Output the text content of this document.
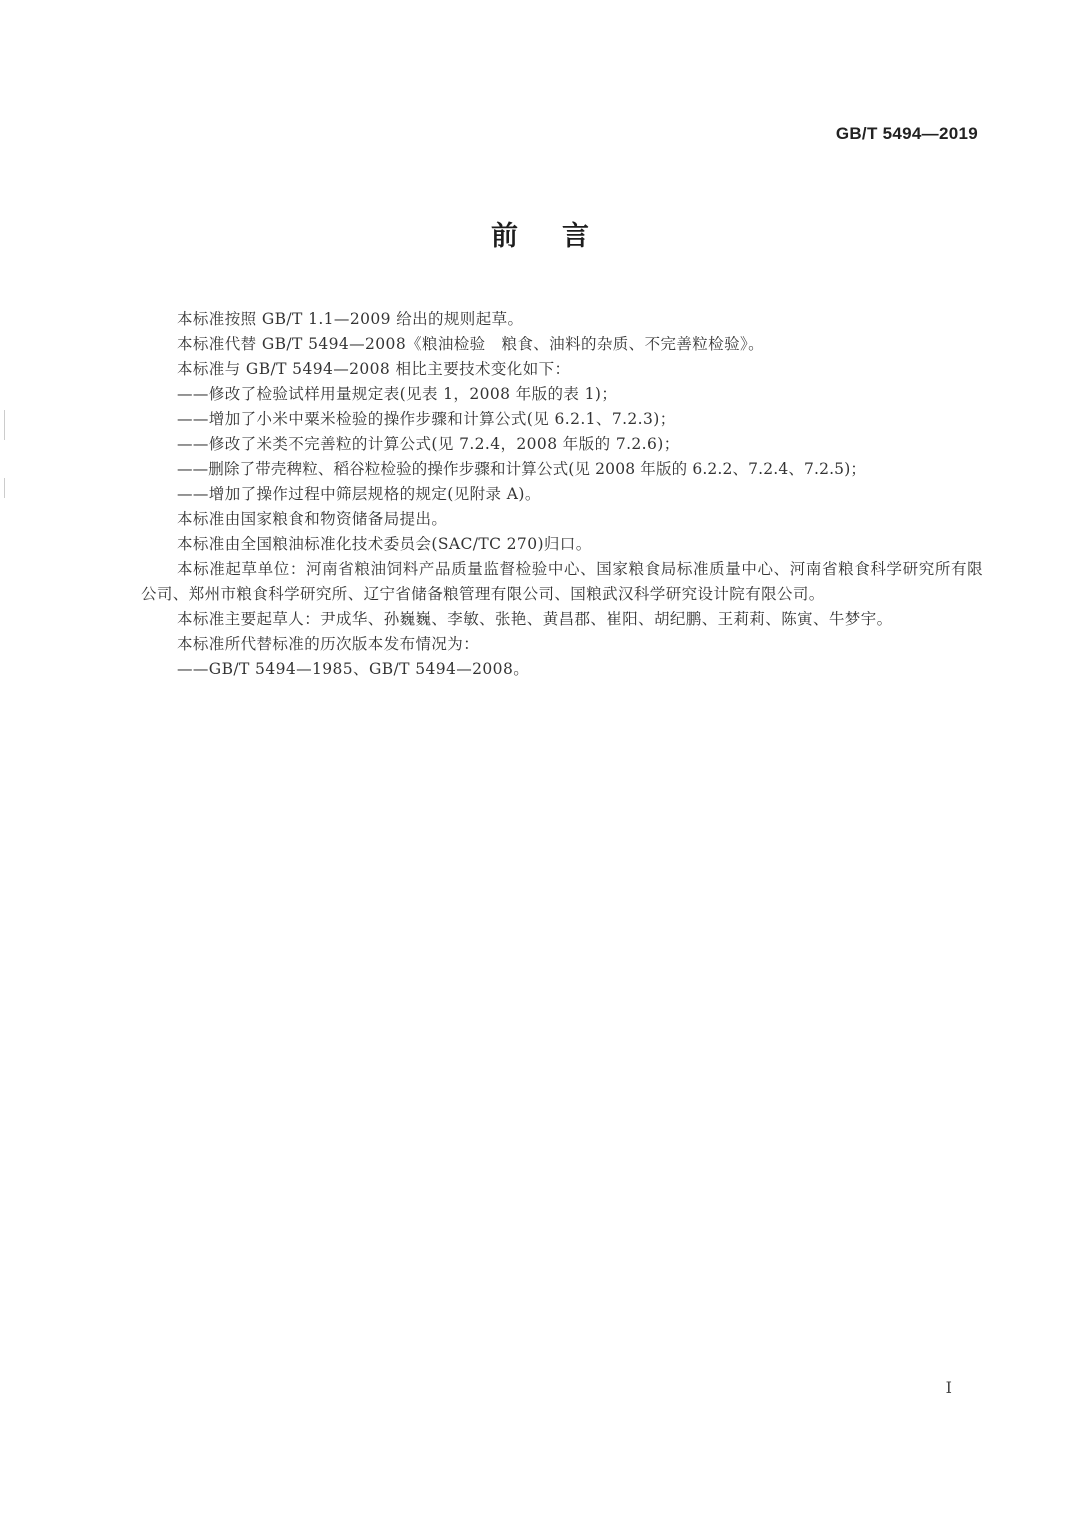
GB/T 5494—2019
前言

本标准按照 GB/T 1.1—2009 给出的规则起草。

本标准代替 GB/T 5494—2008《粮油检验　粮食、油料的杂质、不完善粒检验》。

本标准与 GB/T 5494—2008 相比主要技术变化如下：

——修改了检验试样用量规定表(见表 1，2008 年版的表 1)；

——增加了小米中粟米检验的操作步骤和计算公式(见 6.2.1、7.2.3)；

——修改了米类不完善粒的计算公式(见 7.2.4，2008 年版的 7.2.6)；

——删除了带壳稗粒、稻谷粒检验的操作步骤和计算公式(见 2008 年版的 6.2.2、7.2.4、7.2.5)；

——增加了操作过程中筛层规格的规定(见附录 A)。

本标准由国家粮食和物资储备局提出。

本标准由全国粮油标准化技术委员会(SAC/TC 270)归口。

本标准起草单位：河南省粮油饲料产品质量监督检验中心、国家粮食局标准质量中心、河南省粮食科学研究所有限公司、郑州市粮食科学研究所、辽宁省储备粮管理有限公司、国粮武汉科学研究设计院有限公司。

本标准主要起草人：尹成华、孙巍巍、李敏、张艳、黄昌郡、崔阳、胡纪鹏、王莉莉、陈寅、牛梦宇。

本标准所代替标准的历次版本发布情况为：

——GB/T 5494—1985、GB/T 5494—2008。

I
